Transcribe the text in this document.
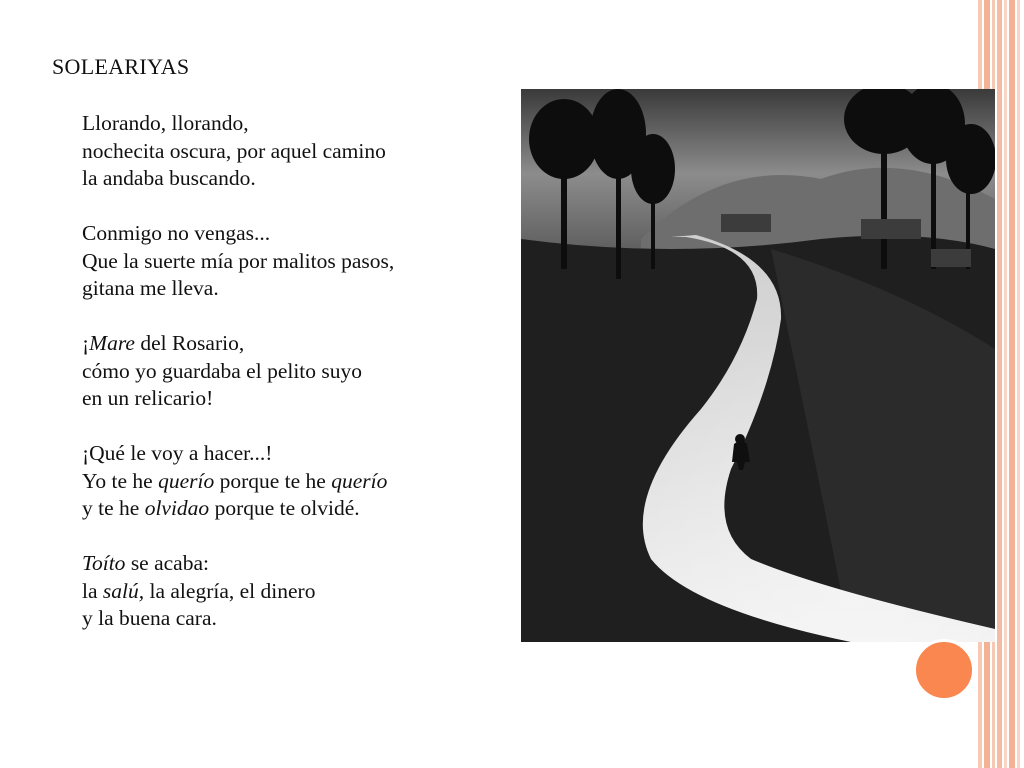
SOLEARIYAS
Llorando, llorando,
nochecita oscura, por aquel camino
la andaba buscando.
Conmigo no vengas...
Que la suerte mía por malitos pasos,
gitana me lleva.
¡Mare del Rosario,
cómo yo guardaba el pelito suyo
en un relicario!
¡Qué le voy a hacer...!
Yo te he querío porque te he querío
y te he olvidao porque te olvidé.
Toíto se acaba:
la salú, la alegría, el dinero
y la buena cara.
